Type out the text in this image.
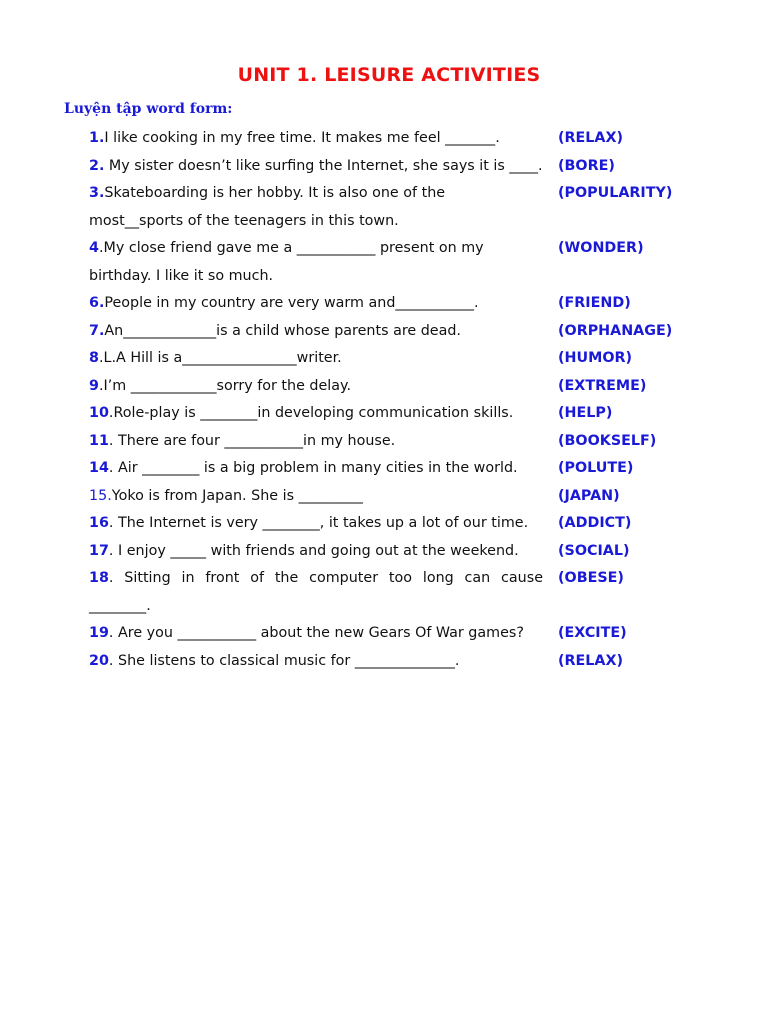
UNIT 1. LEISURE ACTIVITIES
Luyện tập word form:
1.I like cooking in my free time. It makes me feel _______.	(RELAX)
2. My sister doesn’t like surfing the Internet, she says it is ____. (BORE)
3.Skateboarding is her hobby. It is also one of the most__sports of the teenagers in this town.
(POPULARITY)
4.My close friend gave me a ___________ present on my birthday. I like it so much.
(WONDER)
6.People in my country are very warm and___________.	(FRIEND)
7.An_____________is a child whose parents are dead.	(ORPHANAGE)
8.L.A Hill is a________________writer.	(HUMOR)
9.I’m ____________sorry for the delay.	(EXTREME)
10.Role-play is ________in developing communication skills.	(HELP)
11. There are four ___________in my house.	(BOOKSELF)
14. Air ________ is a big problem in many cities in the world.	(POLUTE)
15.Yoko is from Japan. She is _________	(JAPAN)
16. The Internet is very ________, it takes up a lot of our time.	(ADDICT)
17. I enjoy _____ with friends and going out at the weekend.	(SOCIAL)
18. Sitting in front of the computer too long can cause ________.
(OBESE)
19. Are you ___________ about the new Gears Of War games?	(EXCITE)
20. She listens to classical music for ______________.	(RELAX)
